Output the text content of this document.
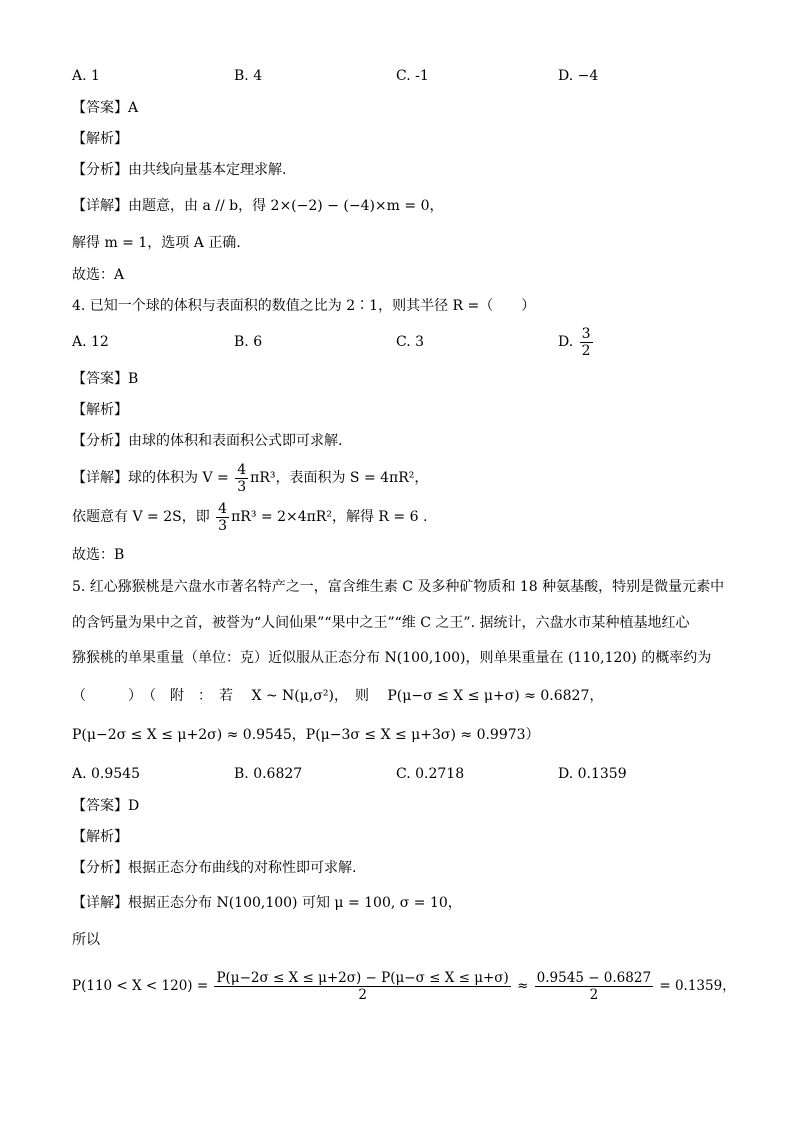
A. 1	B. 4	C. -1	D. −4
【答案】A
【解析】
【分析】由共线向量基本定理求解.
【详解】由题意，由 a // b，得 2×(−2) − (−4)×m = 0，
解得 m = 1，选项 A 正确.
故选：A
4. 已知一个球的体积与表面积的数值之比为 2∶1，则其半径 R =（　　）
A. 12	B. 6	C. 3	D. $\frac{3}{2}$
【答案】B
【解析】
【分析】由球的体积和表面积公式即可求解.
【详解】球的体积为 $V = \frac{4}{3} \pi R^3$，表面积为 S = 4πR²，
依题意有 V = 2S，即 $\frac{4}{3} \pi R^3 = 2\times 4\pi R^2$，解得 R = 6 .
故选：B
5. 红心猕猴桃是六盘水市著名特产之一，富含维生素 C 及多种矿物质和 18 种氨基酸，特别是微量元素中
的含钙量为果中之首，被誉为“人间仙果”“果中之王”“维 C 之王”. 据统计，六盘水市某种植基地红心
猕猴桃的单果重量（单位：克）近似服从正态分布 N(100,100)，则单果重量在 (110,120) 的概率约为
（　　　）　（　附　：　若　 X ~ N(μ,σ²)，　则　 P(μ−σ ≤ X ≤ μ+σ) ≈ 0.6827，
P(μ−2σ ≤ X ≤ μ+2σ) ≈ 0.9545，P(μ−3σ ≤ X ≤ μ+3σ) ≈ 0.9973）
A. 0.9545	B. 0.6827	C. 0.2718	D. 0.1359
【答案】D
【解析】
【分析】根据正态分布曲线的对称性即可求解.
【详解】根据正态分布 N(100,100) 可知 μ = 100, σ = 10，
所以
$P(110 < X < 120) = \frac{P(\mu-2\sigma \le X \le \mu+2\sigma) - P(\mu-\sigma \le X \le \mu+\sigma)}{2} \approx \frac{0.9545 - 0.6827}{2} = 0.1359$，
